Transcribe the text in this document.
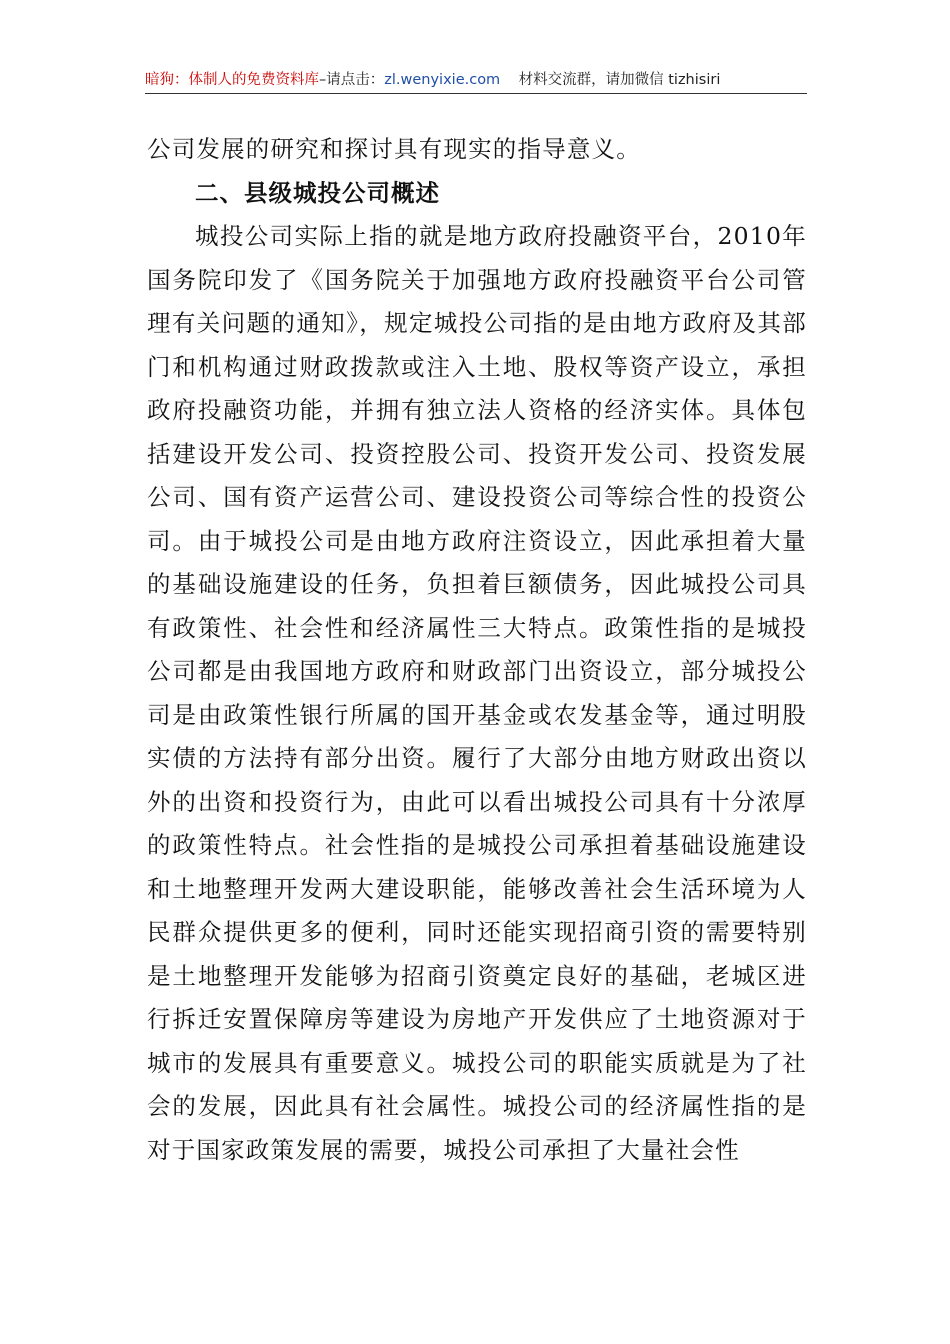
暗狗：体制人的免费资料库–请点击：zl.wenyixie.com 材料交流群，请加微信 tizhisiri

公司发展的研究和探讨具有现实的指导意义。

二、县级城投公司概述

城投公司实际上指的就是地方政府投融资平台，2010年国务院印发了《国务院关于加强地方政府投融资平台公司管理有关问题的通知》，规定城投公司指的是由地方政府及其部门和机构通过财政拨款或注入土地、股权等资产设立，承担政府投融资功能，并拥有独立法人资格的经济实体。具体包括建设开发公司、投资控股公司、投资开发公司、投资发展公司、国有资产运营公司、建设投资公司等综合性的投资公司。由于城投公司是由地方政府注资设立，因此承担着大量的基础设施建设的任务，负担着巨额债务，因此城投公司具有政策性、社会性和经济属性三大特点。政策性指的是城投公司都是由我国地方政府和财政部门出资设立，部分城投公司是由政策性银行所属的国开基金或农发基金等，通过明股实债的方法持有部分出资。履行了大部分由地方财政出资以外的出资和投资行为，由此可以看出城投公司具有十分浓厚的政策性特点。社会性指的是城投公司承担着基础设施建设和土地整理开发两大建设职能，能够改善社会生活环境为人民群众提供更多的便利，同时还能实现招商引资的需要特别是土地整理开发能够为招商引资奠定良好的基础，老城区进行拆迁安置保障房等建设为房地产开发供应了土地资源对于城市的发展具有重要意义。城投公司的职能实质就是为了社会的发展，因此具有社会属性。城投公司的经济属性指的是对于国家政策发展的需要，城投公司承担了大量社会性
